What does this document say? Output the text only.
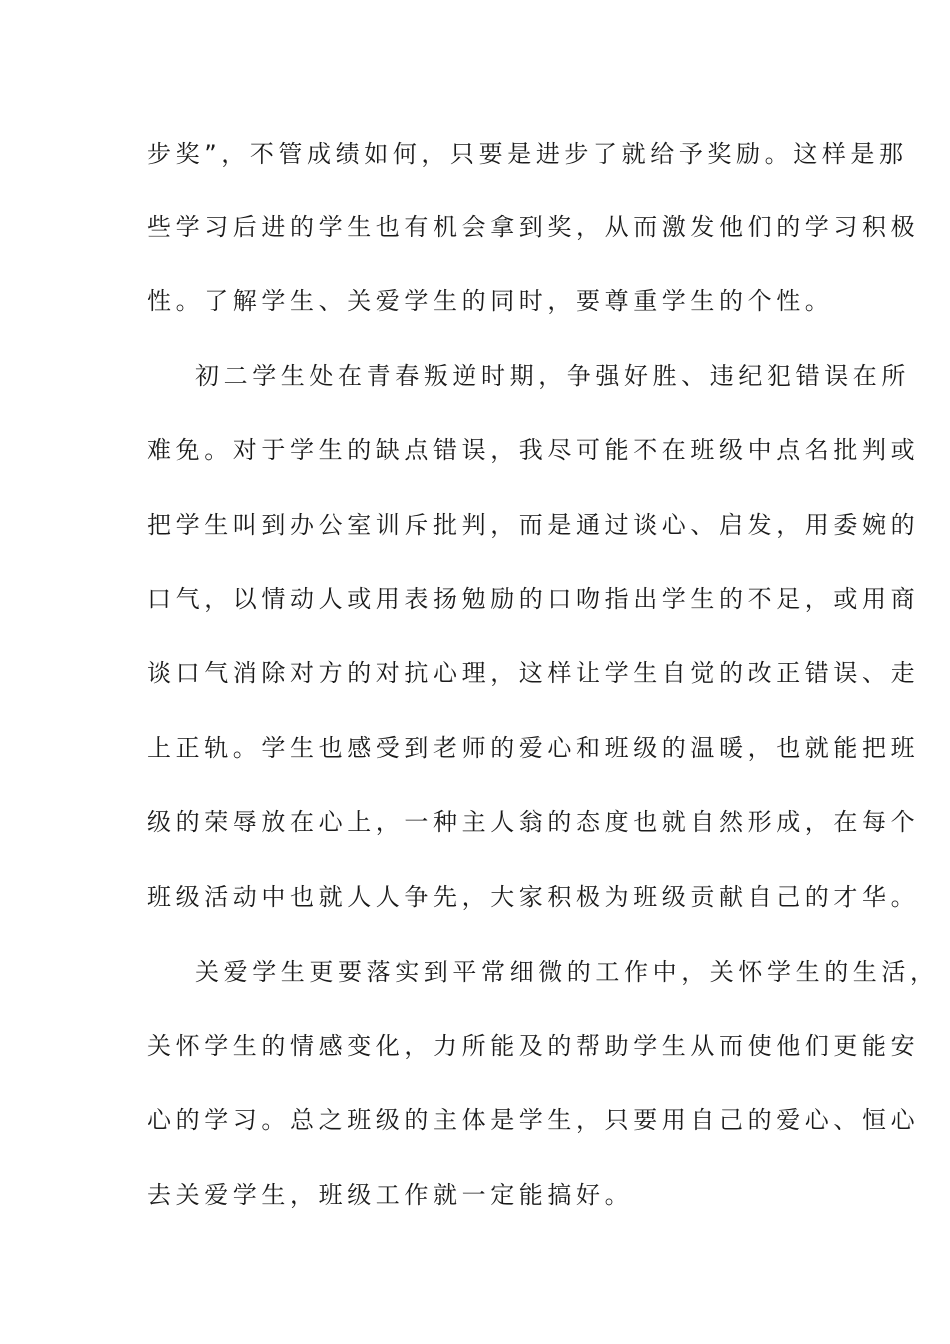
步奖”，不管成绩如何，只要是进步了就给予奖励。这样是那
些学习后进的学生也有机会拿到奖，从而激发他们的学习积极
性。了解学生、关爱学生的同时，要尊重学生的个性。
初二学生处在青春叛逆时期，争强好胜、违纪犯错误在所
难免。对于学生的缺点错误，我尽可能不在班级中点名批判或
把学生叫到办公室训斥批判，而是通过谈心、启发，用委婉的
口气，以情动人或用表扬勉励的口吻指出学生的不足，或用商
谈口气消除对方的对抗心理，这样让学生自觉的改正错误、走
上正轨。学生也感受到老师的爱心和班级的温暖，也就能把班
级的荣辱放在心上，一种主人翁的态度也就自然形成，在每个
班级活动中也就人人争先，大家积极为班级贡献自己的才华。
关爱学生更要落实到平常细微的工作中，关怀学生的生活，
关怀学生的情感变化，力所能及的帮助学生从而使他们更能安
心的学习。总之班级的主体是学生，只要用自己的爱心、恒心
去关爱学生，班级工作就一定能搞好。
